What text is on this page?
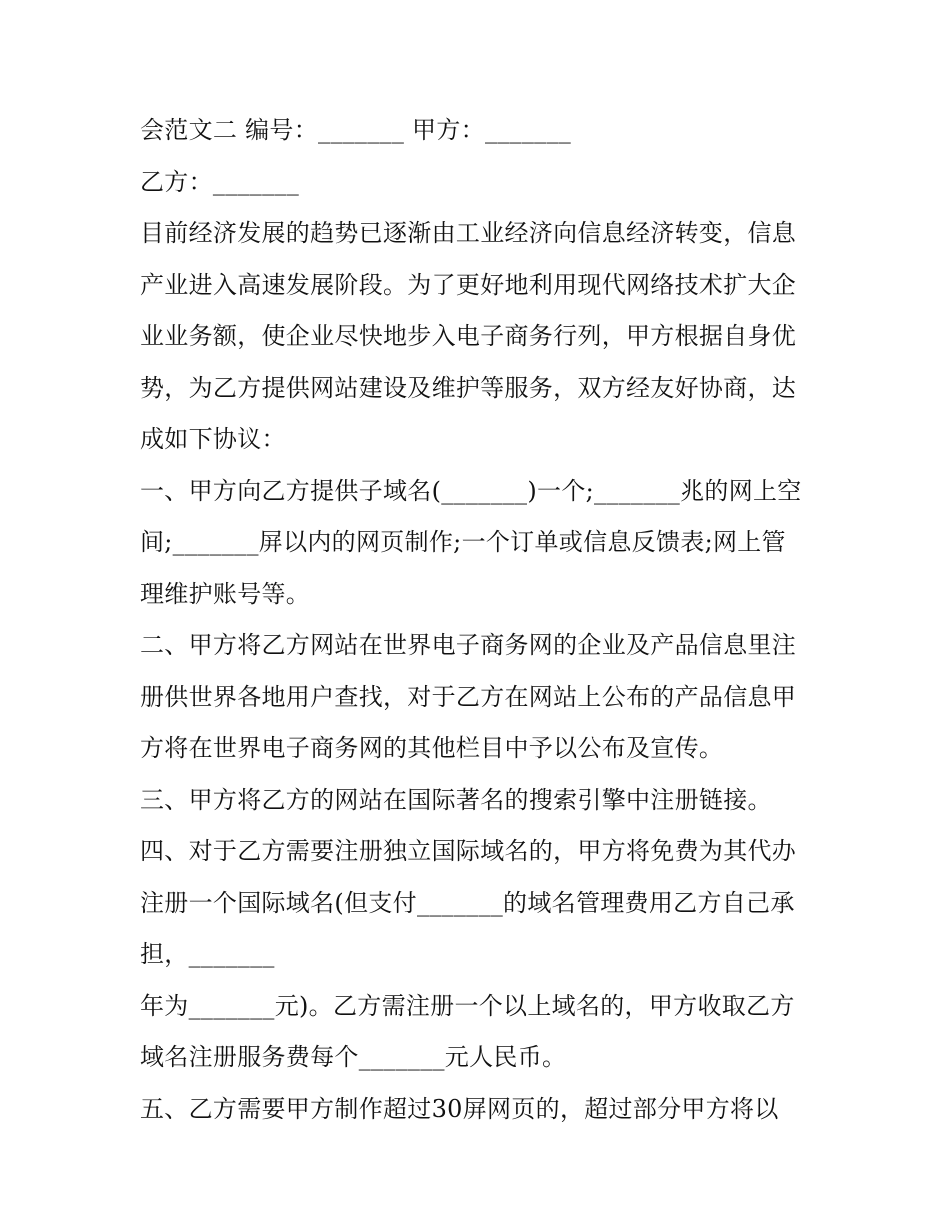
会范文二 编号：_______ 甲方：_______
乙方：_______
目前经济发展的趋势已逐渐由工业经济向信息经济转变，信息
产业进入高速发展阶段。为了更好地利用现代网络技术扩大企
业业务额，使企业尽快地步入电子商务行列，甲方根据自身优
势，为乙方提供网站建设及维护等服务，双方经友好协商，达
成如下协议：
一、甲方向乙方提供子域名(_______)一个;_______兆的网上空
间;_______屏以内的网页制作;一个订单或信息反馈表;网上管
理维护账号等。
二、甲方将乙方网站在世界电子商务网的企业及产品信息里注
册供世界各地用户查找，对于乙方在网站上公布的产品信息甲
方将在世界电子商务网的其他栏目中予以公布及宣传。
三、甲方将乙方的网站在国际著名的搜索引擎中注册链接。
四、对于乙方需要注册独立国际域名的，甲方将免费为其代办
注册一个国际域名(但支付_______的域名管理费用乙方自己承
担，_______
年为_______元)。乙方需注册一个以上域名的，甲方收取乙方
域名注册服务费每个_______元人民币。
五、乙方需要甲方制作超过30屏网页的，超过部分甲方将以
